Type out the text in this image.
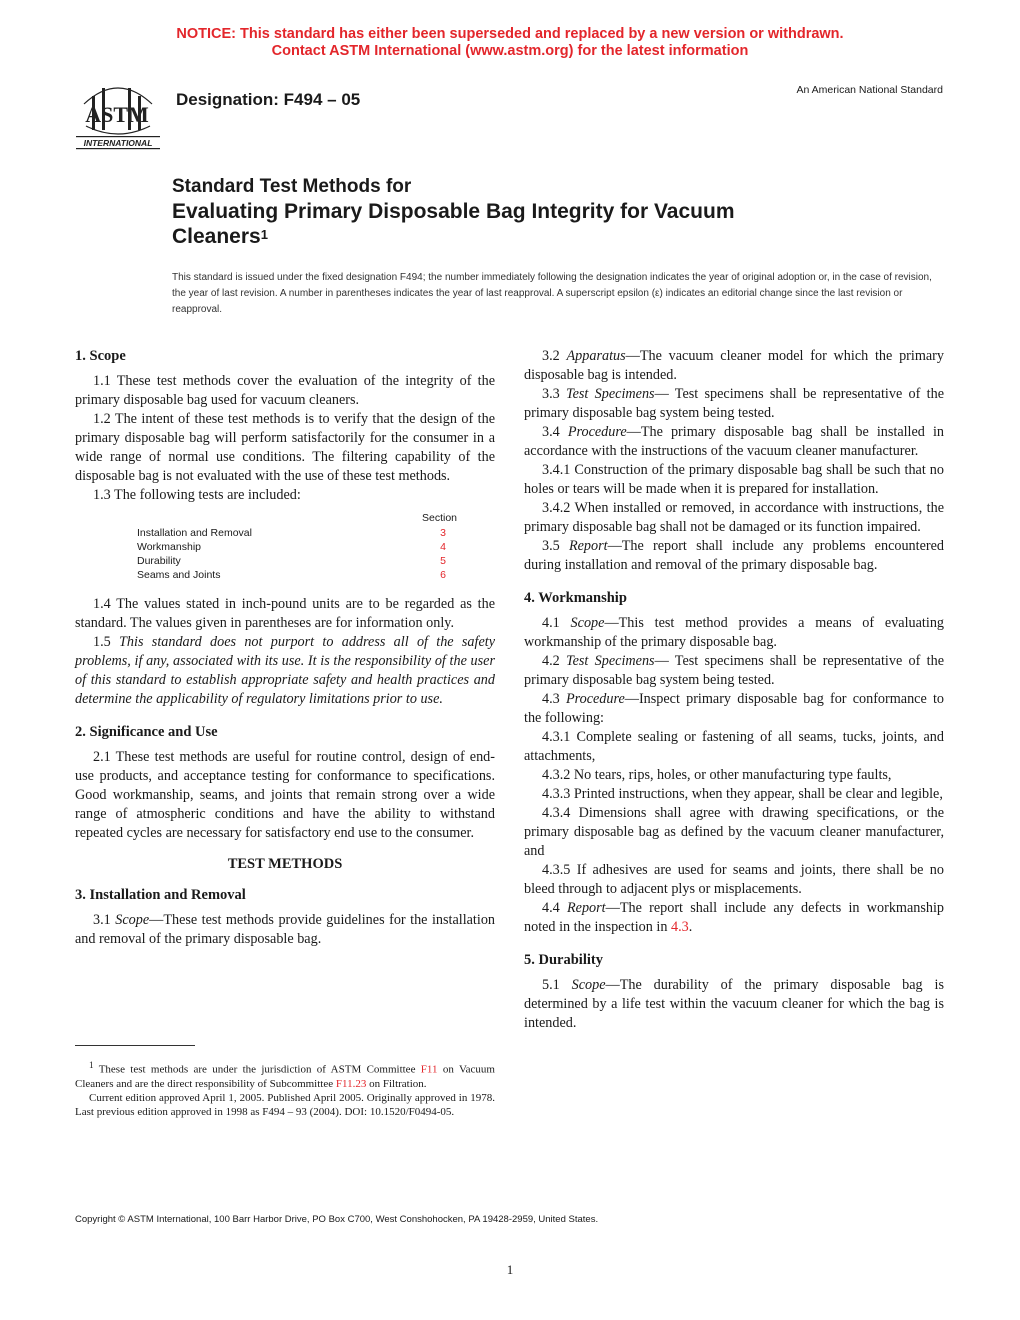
NOTICE: This standard has either been superseded and replaced by a new version or withdrawn.
Contact ASTM International (www.astm.org) for the latest information
ASTM
INTERNATIONAL
Designation: F494 – 05	An American National Standard
Standard Test Methods for
Evaluating Primary Disposable Bag Integrity for Vacuum
Cleaners$^1$
This standard is issued under the fixed designation F494; the number immediately following the designation indicates the year of original adoption or, in the case of revision, the year of last revision. A number in parentheses indicates the year of last reapproval. A superscript epsilon (ε) indicates an editorial change since the last revision or reapproval.
1. Scope

1.1 These test methods cover the evaluation of the integrity of the primary disposable bag used for vacuum cleaners.

1.2 The intent of these test methods is to verify that the design of the primary disposable bag will perform satisfactorily for the consumer in a wide range of normal use conditions. The filtering capability of the disposable bag is not evaluated with the use of these test methods.

1.3 The following tests are included:

Section
Installation and Removal	3
Workmanship	4
Durability	5
Seams and Joints	6

1.4 The values stated in inch-pound units are to be regarded as the standard. The values given in parentheses are for information only.

1.5 This standard does not purport to address all of the safety problems, if any, associated with its use. It is the responsibility of the user of this standard to establish appropriate safety and health practices and determine the applicability of regulatory limitations prior to use.

2. Significance and Use

2.1 These test methods are useful for routine control, design of end-use products, and acceptance testing for conformance to specifications. Good workmanship, seams, and joints that remain strong over a wide range of atmospheric conditions and have the ability to withstand repeated cycles are necessary for satisfactory end use to the consumer.

TEST METHODS
3. Installation and Removal

3.1 Scope—These test methods provide guidelines for the installation and removal of the primary disposable bag.

$^1$ These test methods are under the jurisdiction of ASTM Committee F11 on Vacuum Cleaners and are the direct responsibility of Subcommittee F11.23 on Filtration.

Current edition approved April 1, 2005. Published April 2005. Originally approved in 1978. Last previous edition approved in 1998 as F494 – 93 (2004). DOI: 10.1520/F0494-05.

3.2 Apparatus—The vacuum cleaner model for which the primary disposable bag is intended.

3.3 Test Specimens— Test specimens shall be representative of the primary disposable bag system being tested.

3.4 Procedure—The primary disposable bag shall be installed in accordance with the instructions of the vacuum cleaner manufacturer.

3.4.1 Construction of the primary disposable bag shall be such that no holes or tears will be made when it is prepared for installation.

3.4.2 When installed or removed, in accordance with instructions, the primary disposable bag shall not be damaged or its function impaired.

3.5 Report—The report shall include any problems encountered during installation and removal of the primary disposable bag.

4. Workmanship

4.1 Scope—This test method provides a means of evaluating workmanship of the primary disposable bag.

4.2 Test Specimens— Test specimens shall be representative of the primary disposable bag system being tested.

4.3 Procedure—Inspect primary disposable bag for conformance to the following:

4.3.1 Complete sealing or fastening of all seams, tucks, joints, and attachments,

4.3.2 No tears, rips, holes, or other manufacturing type faults,

4.3.3 Printed instructions, when they appear, shall be clear and legible,

4.3.4 Dimensions shall agree with drawing specifications, or the primary disposable bag as defined by the vacuum cleaner manufacturer, and

4.3.5 If adhesives are used for seams and joints, there shall be no bleed through to adjacent plys or misplacements.

4.4 Report—The report shall include any defects in workmanship noted in the inspection in 4.3.

5. Durability

5.1 Scope—The durability of the primary disposable bag is determined by a life test within the vacuum cleaner for which the bag is intended.

Copyright © ASTM International, 100 Barr Harbor Drive, PO Box C700, West Conshohocken, PA 19428-2959, United States.
1
